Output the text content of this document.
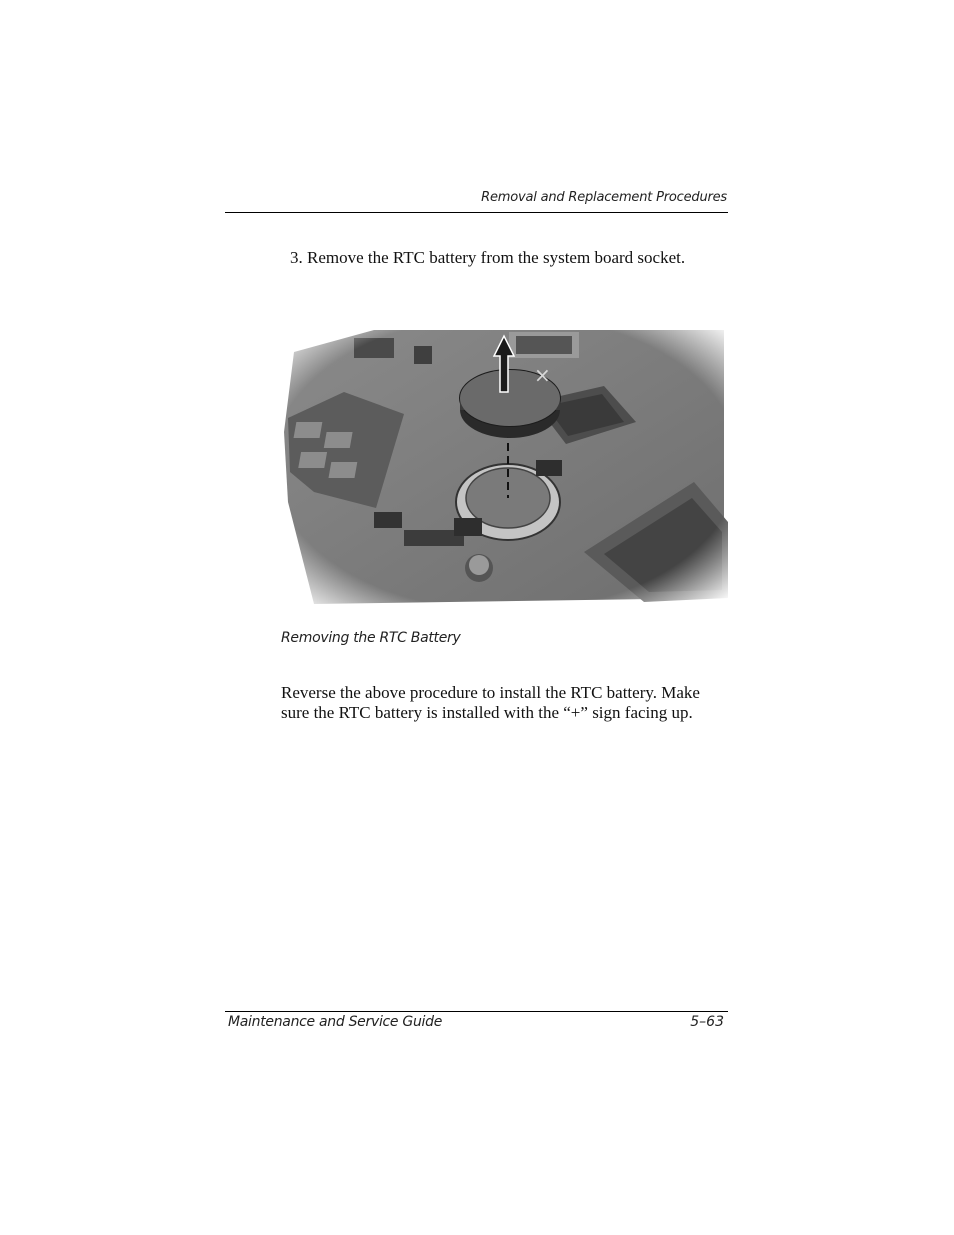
Removal and Replacement Procedures
3. Remove the RTC battery from the system board socket.
Removing the RTC Battery
Reverse the above procedure to install the RTC battery. Make
sure the RTC battery is installed with the “+” sign facing up.
Maintenance and Service Guide	5–63
